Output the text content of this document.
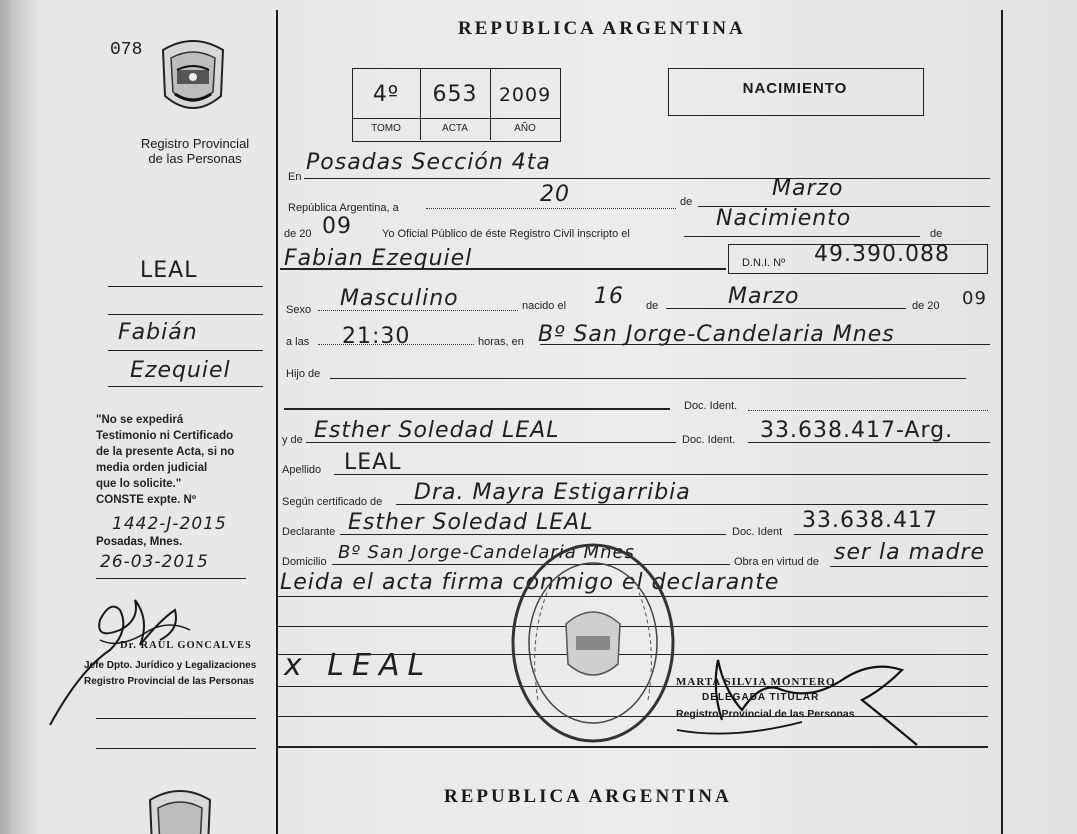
078
Registro Provincial
de las Personas
LEAL
Fabián
Ezequiel
"No se expedirá
Testimonio ni Certificado
de la presente Acta, si no
media orden judicial
que lo solicite."
CONSTE expte. Nº
1442-J-2015
Posadas, Mnes.
26-03-2015
Dr. RAUL GONCALVES
Jefe Dpto. Jurídico y Legalizaciones
Registro Provincial de las Personas
REPUBLICA ARGENTINA
4º	653	2009
TOMO	ACTA	AÑO
NACIMIENTO
En
Posadas Sección 4ta
República Argentina, a
20	de
Marzo
de 20 09	Yo Oficial Público de éste Registro Civil inscripto el
Nacimiento
de
Fabian Ezequiel	D.N.I. Nº 49.390.088
Sexo Masculino	nacido el 16 de	Marzo	de 20 09
a las 21:30	horas, en Bº San Jorge-Candelaria Mnes
Hijo de
Doc. Ident.
y de Esther Soledad LEAL	Doc. Ident. 33.638.417-Arg.
Apellido LEAL
Según certificado de Dra. Mayra Estigarribia
Declarante Esther Soledad LEAL	Doc. Ident 33.638.417
Domicilio Bº San Jorge-Candelaria Mnes	Obra en virtud de ser la madre
Leida el acta firma conmigo el declarante
x LEAL	MARTA SILVIA MONTERO
DELEGADA TITULAR
Registro Provincial de las Personas
REPUBLICA ARGENTINA
